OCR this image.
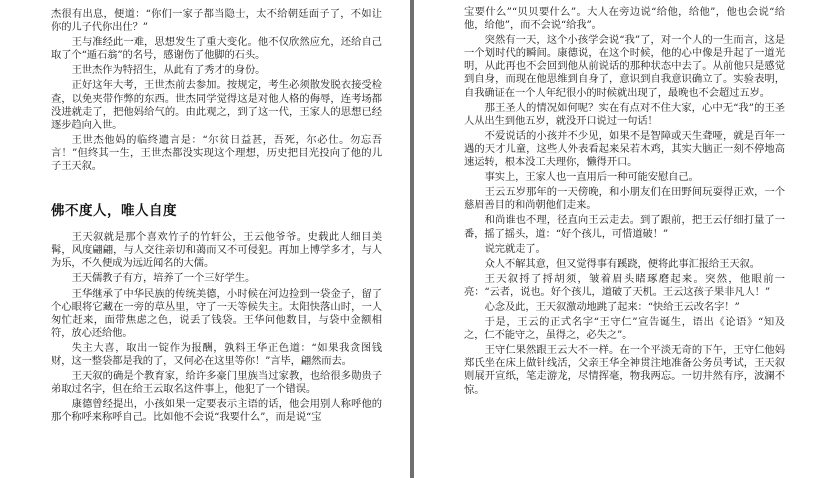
杰很有出息，便道：“你们一家子都当隐士，太不给朝廷面子了，不如让你的儿子代你出仕？”

王与准经此一难，思想发生了重大变化。他不仅欣然应允，还给自己取了个“遁石翁”的名号，感谢伤了他脚的石头。

王世杰作为特招生，从此有了秀才的身份。

正好这年大考，王世杰前去参加。按规定，考生必须散发脱衣接受检查，以免夹带作弊的东西。世杰同学觉得这是对他人格的侮辱，连考场都没进就走了，把他妈给气的。由此观之，到了这一代，王家人的思想已经逐步趋向入世。

王世杰他妈的临终遗言是：“尔贫日益甚，吾死，尔必仕。勿忘吾言！”但终其一生，王世杰都没实现这个理想，历史把目光投向了他的儿子王天叙。

佛不度人，唯人自度

王天叙就是那个喜欢竹子的竹轩公，王云他爷爷。史载此人细目美髯，风度翩翩，与人交往亲切和蔼而又不可侵犯。再加上博学多才，与人为乐，不久便成为远近闻名的大儒。

王天儒教子有方，培养了一个三好学生。

王华继承了中华民族的传统美德，小时候在河边捡到一袋金子，留了个心眼将它藏在一旁的草丛里，守了一天等候失主。太阳快落山时，一人匆忙赶来，面带焦虑之色，说丢了钱袋。王华问他数目，与袋中金额相符，放心还给他。

失主大喜，取出一锭作为报酬，孰料王华正色道：“如果我贪图钱财，这一整袋都是我的了，又何必在这里等你！”言毕，翩然而去。

王天叙的确是个教育家，给许多豪门里族当过家教，也给很多勋贵子弟取过名字，但在给王云取名这件事上，他犯了一个错误。

康德曾经提出，小孩如果一定要表示主语的话，他会用别人称呼他的那个称呼来称呼自己。比如他不会说“我要什么”，而是说“宝

宝要什么”“贝贝要什么”。大人在旁边说“给他，给他”，他也会说“给他，给他”，而不会说“给我”。

突然有一天，这个小孩学会说“我”了，对一个人的一生而言，这是一个划时代的瞬间。康德说，在这个时候，他的心中像是升起了一道光明，从此再也不会回到他从前说话的那种状态中去了。从前他只是感觉到自身，而现在他思维到自身了，意识到自我意识确立了。实验表明，自我确证在一个人年纪很小的时候就出现了，最晚也不会超过五岁。

那王圣人的情况如何呢？实在有点对不住大家，心中无“我”的王圣人从出生到他五岁，就没开口说过一句话！

不爱说话的小孩并不少见，如果不是智障或天生聋哑，就是百年一遇的天才儿童，这些人外表看起来呆若木鸡，其实大脑正一刻不停地高速运转，根本没工夫理你，懒得开口。

事实上，王家人也一直用后一种可能安慰自己。

王云五岁那年的一天傍晚，和小朋友们在田野间玩耍得正欢，一个慈眉善目的和尚朝他们走来。

和尚谁也不理，径直向王云走去。到了跟前，把王云仔细打量了一番，摇了摇头，道：“好个孩儿，可惜道破！”

说完就走了。

众人不解其意，但又觉得事有蹊跷，便将此事汇报给王天叙。

王天叙捋了捋胡须，皱着眉头睹琢磨起来。突然，他眼前一亮：“云者，说也。好个孩儿，道破了天机。王云这孩子果非凡人！”

心念及此，王天叙激动地跳了起来：“快给王云改名字！”

于是，王云的正式名字“王守仁”宣告诞生，语出《论语》“知及之，仁不能守之，虽得之，必失之”。

王守仁果然跟王云大不一样。在一个平淡无奇的下午，王守仁他妈郑氏坐在床上做针线活，父亲王华全神贯注地准备公务员考试，王天叙则展开宣纸，笔走游龙，尽情挥毫，物我两忘。一切井然有序，波澜不惊。
